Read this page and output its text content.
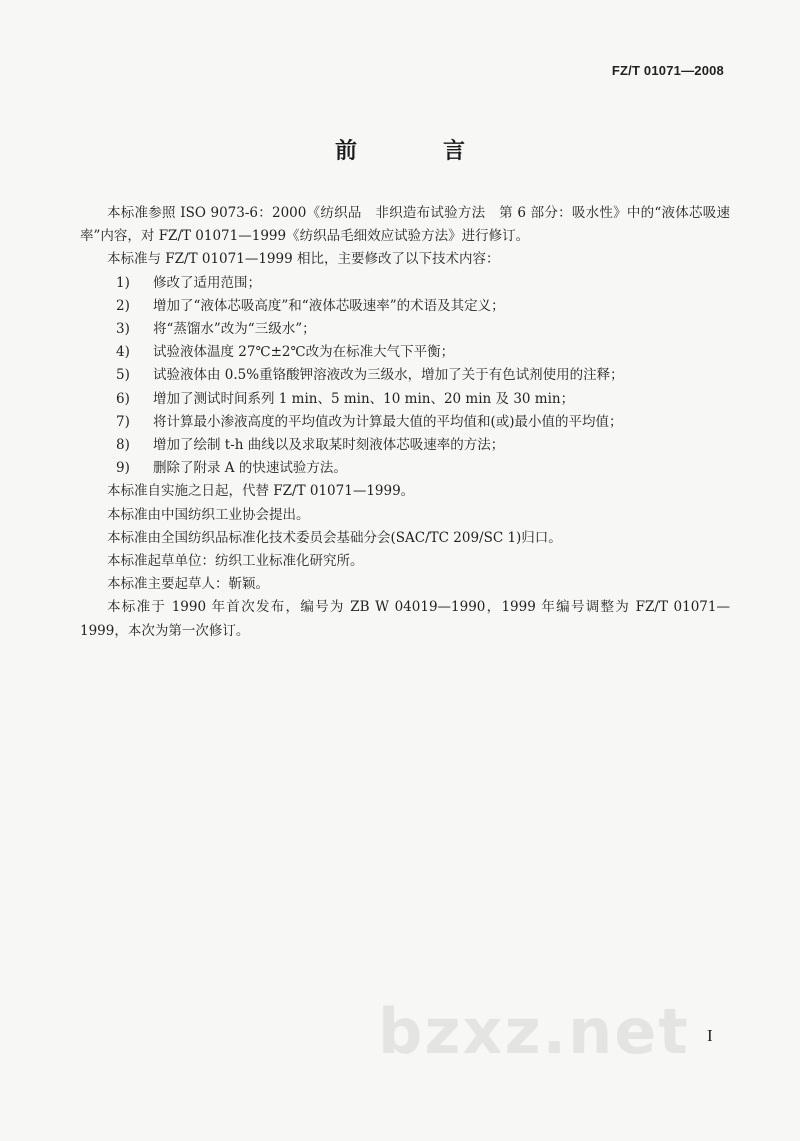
FZ/T 01071—2008
前　言

本标准参照 ISO 9073-6：2000《纺织品　非织造布试验方法　第 6 部分：吸水性》中的“液体芯吸速率”内容，对 FZ/T 01071—1999《纺织品毛细效应试验方法》进行修订。

本标准与 FZ/T 01071—1999 相比，主要修改了以下技术内容：

1) 修改了适用范围；

2) 增加了“液体芯吸高度”和“液体芯吸速率”的术语及其定义；

3) 将“蒸馏水”改为“三级水”；

4) 试验液体温度 27℃±2℃改为在标准大气下平衡；

5) 试验液体由 0.5%重铬酸钾溶液改为三级水，增加了关于有色试剂使用的注释；

6) 增加了测试时间系列 1 min、5 min、10 min、20 min 及 30 min；

7) 将计算最小渗液高度的平均值改为计算最大值的平均值和(或)最小值的平均值；

8) 增加了绘制 t-h 曲线以及求取某时刻液体芯吸速率的方法；

9) 删除了附录 A 的快速试验方法。

本标准自实施之日起，代替 FZ/T 01071—1999。

本标准由中国纺织工业协会提出。

本标准由全国纺织品标准化技术委员会基础分会(SAC/TC 209/SC 1)归口。

本标准起草单位：纺织工业标准化研究所。

本标准主要起草人：靳颖。

本标准于 1990 年首次发布，编号为 ZB W 04019—1990，1999 年编号调整为 FZ/T 01071—1999，本次为第一次修订。

bzxz.net I
